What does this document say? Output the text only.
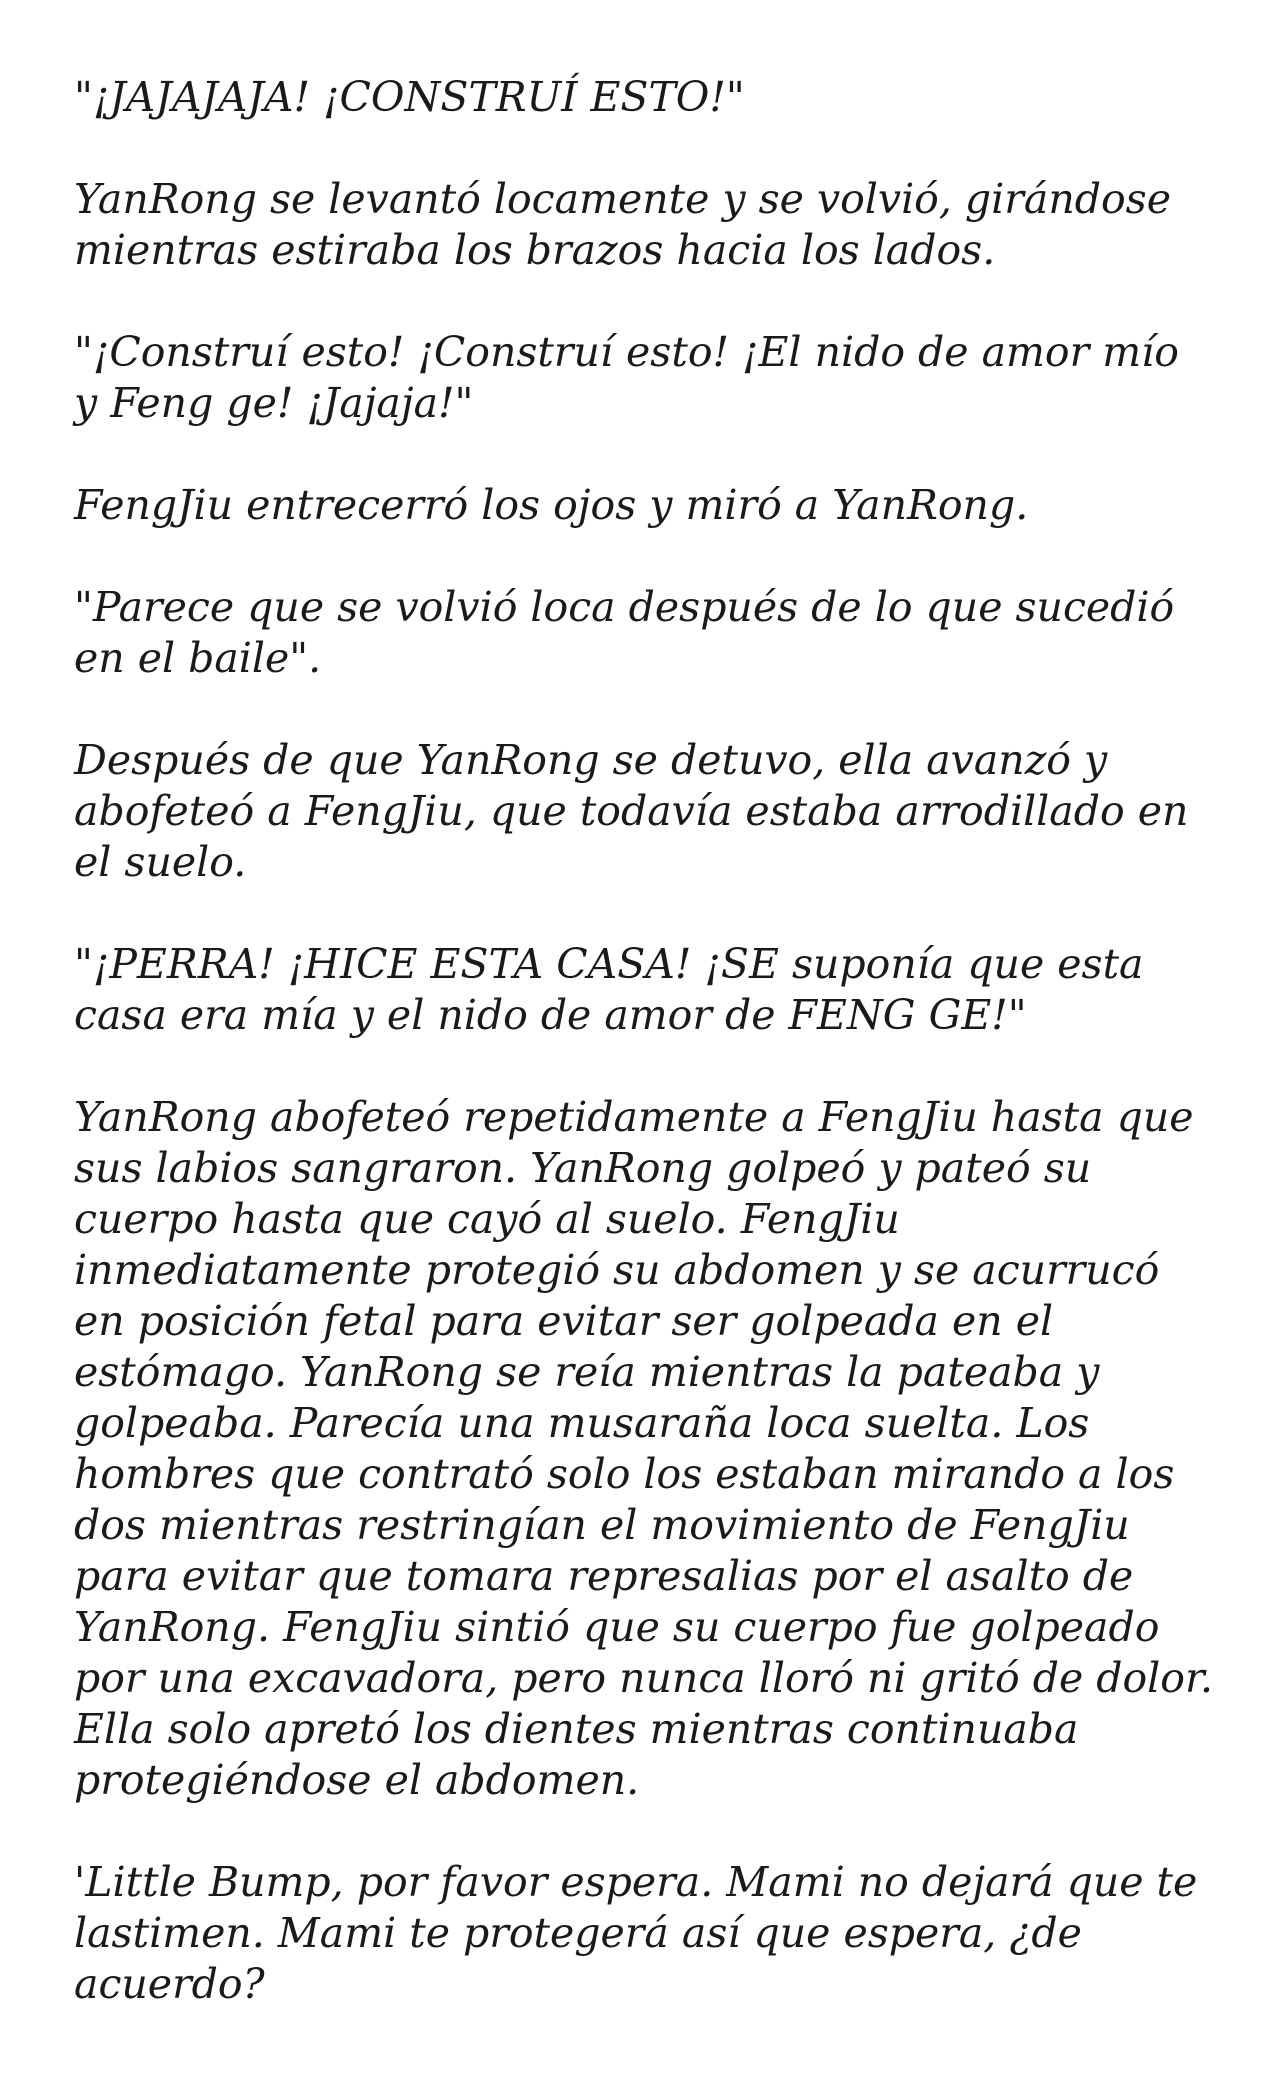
"¡JAJAJAJA! ¡CONSTRUÍ ESTO!"

YanRong se levantó locamente y se volvió, girándose mientras estiraba los brazos hacia los lados.

"¡Construí esto! ¡Construí esto! ¡El nido de amor mío y Feng ge! ¡Jajaja!"

FengJiu entrecerró los ojos y miró a YanRong.

"Parece que se volvió loca después de lo que sucedió en el baile".

Después de que YanRong se detuvo, ella avanzó y abofeteó a FengJiu, que todavía estaba arrodillado en el suelo.

"¡PERRA! ¡HICE ESTA CASA! ¡SE suponía que esta casa era mía y el nido de amor de FENG GE!"

YanRong abofeteó repetidamente a FengJiu hasta que sus labios sangraron. YanRong golpeó y pateó su cuerpo hasta que cayó al suelo. FengJiu inmediatamente protegió su abdomen y se acurrucó en posición fetal para evitar ser golpeada en el estómago. YanRong se reía mientras la pateaba y golpeaba. Parecía una musaraña loca suelta. Los hombres que contrató solo los estaban mirando a los dos mientras restringían el movimiento de FengJiu para evitar que tomara represalias por el asalto de YanRong. FengJiu sintió que su cuerpo fue golpeado por una excavadora, pero nunca lloró ni gritó de dolor. Ella solo apretó los dientes mientras continuaba protegiéndose el abdomen.

'Little Bump, por favor espera. Mami no dejará que te lastimen. Mami te protegerá así que espera, ¿de acuerdo?
